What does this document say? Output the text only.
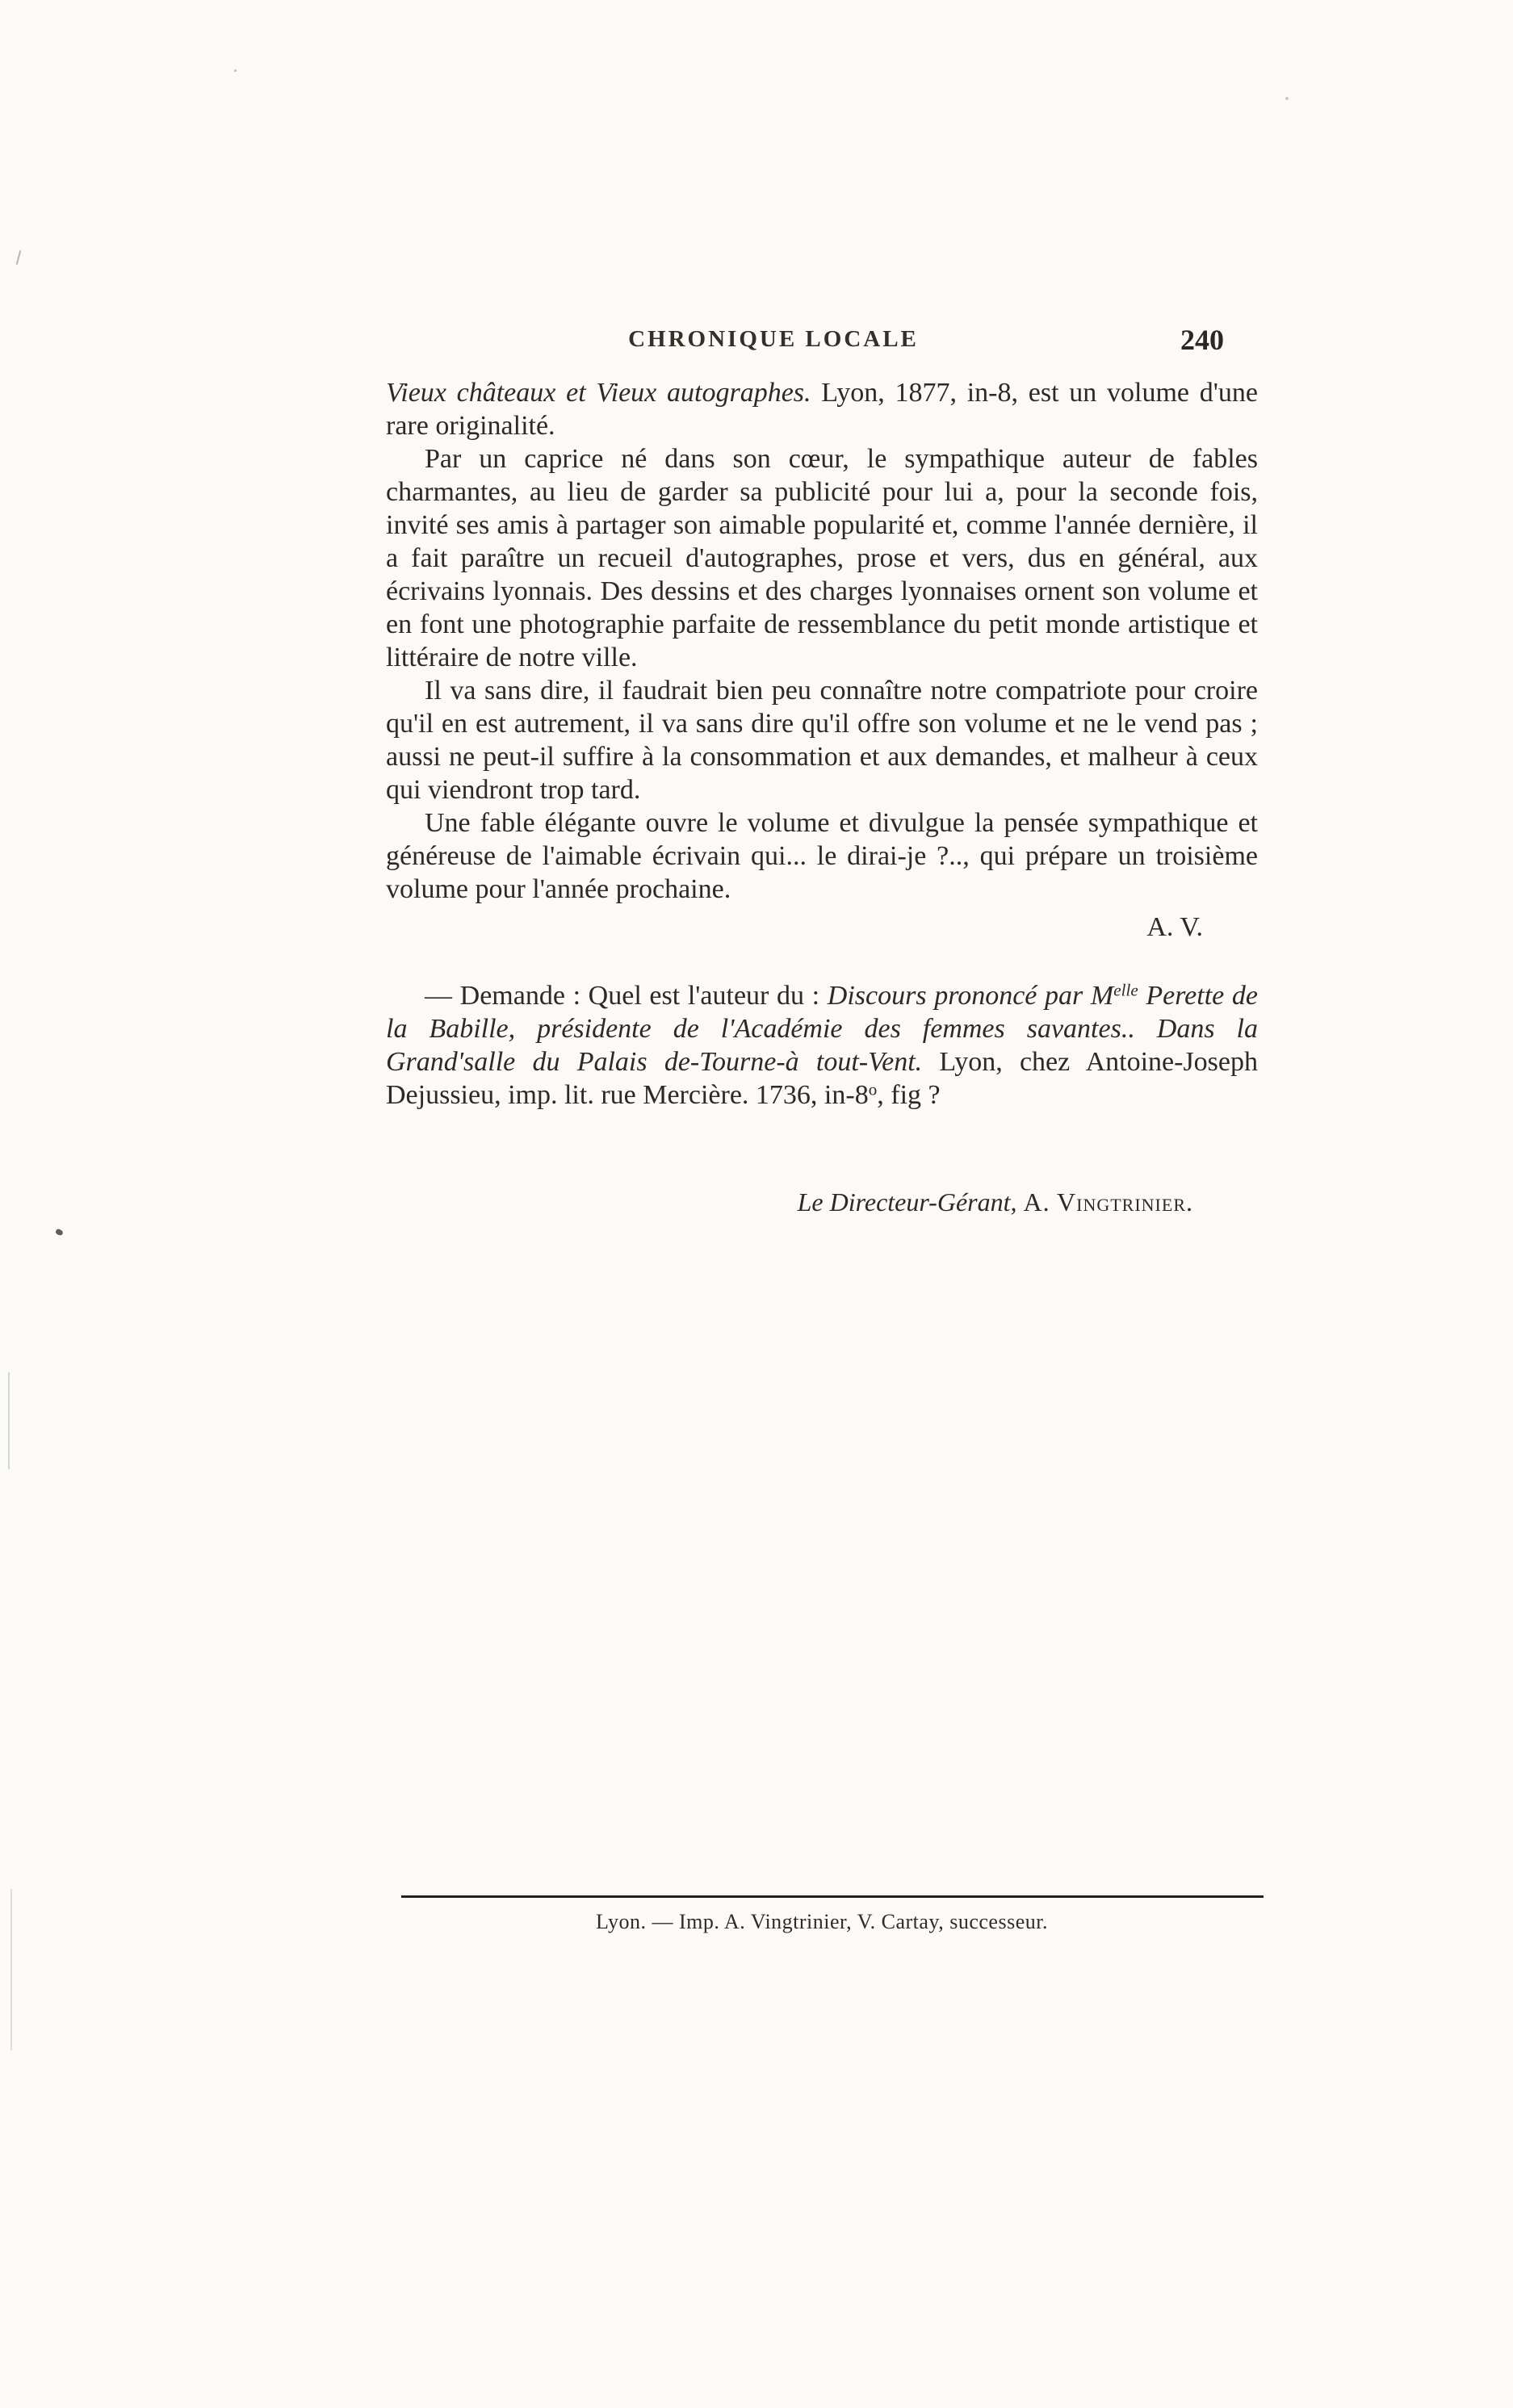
CHRONIQUE LOCALE	240

Vieux châteaux et Vieux autographes. Lyon, 1877, in-8, est un volume d'une rare originalité.

Par un caprice né dans son cœur, le sympathique auteur de fables charmantes, au lieu de garder sa publicité pour lui a, pour la seconde fois, invité ses amis à partager son aimable popularité et, comme l'année dernière, il a fait paraître un recueil d'autographes, prose et vers, dus en général, aux écrivains lyonnais. Des dessins et des charges lyonnaises ornent son volume et en font une photographie parfaite de ressemblance du petit monde artistique et littéraire de notre ville.

Il va sans dire, il faudrait bien peu connaître notre compatriote pour croire qu'il en est autrement, il va sans dire qu'il offre son volume et ne le vend pas ; aussi ne peut-il suffire à la consommation et aux demandes, et malheur à ceux qui viendront trop tard.

Une fable élégante ouvre le volume et divulgue la pensée sympathique et généreuse de l'aimable écrivain qui... le dirai-je ?.., qui prépare un troisième volume pour l'année prochaine.

A. V.

— Demande : Quel est l'auteur du : Discours prononcé par $M^{elle}$ Perette de la Babille, présidente de l'Académie des femmes savantes.. Dans la Grand'salle du Palais de-Tourne-à tout-Vent. Lyon, chez Antoine-Joseph Dejussieu, imp. lit. rue Mercière. 1736, in-8$^o$, fig ?

Le Directeur-Gérant, A. Vingtrinier.

Lyon. — Imp. A. Vingtrinier, V. Cartay, successeur.
